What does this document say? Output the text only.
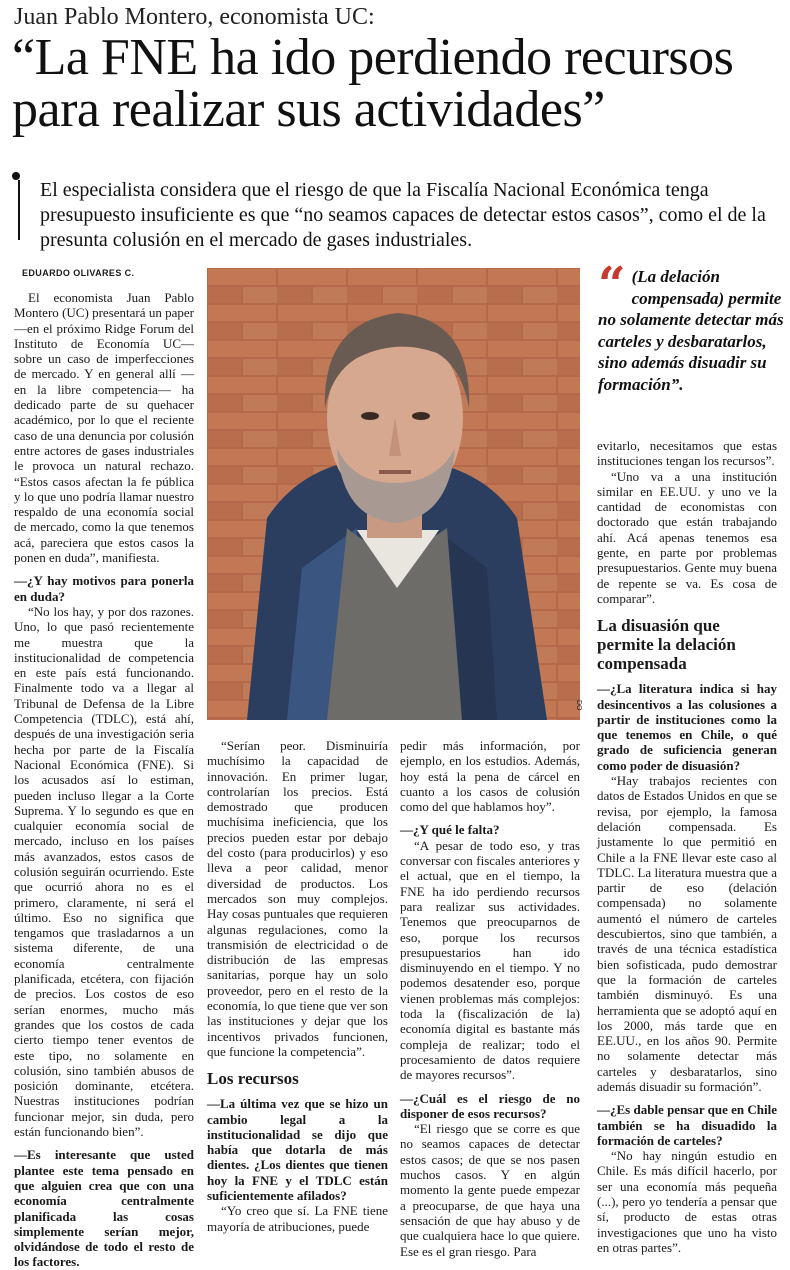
Juan Pablo Montero, economista UC:
“La FNE ha ido perdiendo recursos
para realizar sus actividades”
El especialista considera que el riesgo de que la Fiscalía Nacional Económica tenga presupuesto insuficiente es que “no seamos capaces de detectar estos casos”, como el de la presunta colusión en el mercado de gases industriales.
EDUARDO OLIVARES C.

El economista Juan Pablo Montero (UC) presentará un paper —en el próximo Ridge Forum del Instituto de Economía UC— sobre un caso de imperfecciones de mercado. Y en general allí —en la libre competencia— ha dedicado parte de su quehacer académico, por lo que el reciente caso de una denuncia por colusión entre actores de gases industriales le provoca un natural rechazo. “Estos casos afectan la fe pública y lo que uno podría llamar nuestro respaldo de una economía social de mercado, como la que tenemos acá, pareciera que estos casos la ponen en duda”, manifiesta.

—¿Y hay motivos para ponerla en duda?

“No los hay, y por dos razones. Uno, lo que pasó recientemente me muestra que la institucionalidad de competencia en este país está funcionando. Finalmente todo va a llegar al Tribunal de Defensa de la Libre Competencia (TDLC), está ahí, después de una investigación seria hecha por parte de la Fiscalía Nacional Económica (FNE). Si los acusados así lo estiman, pueden incluso llegar a la Corte Suprema. Y lo segundo es que en cualquier economía social de mercado, incluso en los países más avanzados, estos casos de colusión seguirán ocurriendo. Este que ocurrió ahora no es el primero, claramente, ni será el último. Eso no significa que tengamos que trasladarnos a un sistema diferente, de una economía centralmente planificada, etcétera, con fijación de precios. Los costos de eso serían enormes, mucho más grandes que los costos de cada cierto tiempo tener eventos de este tipo, no solamente en colusión, sino también abusos de posición dominante, etcétera. Nuestras instituciones podrían funcionar mejor, sin duda, pero están funcionando bien”.

—Es interesante que usted plantee este tema pensado en que alguien crea que con una economía centralmente planificada las cosas simplemente serían mejor, olvidándose de todo el resto de los factores.

DO
“ (La delación compensada) permite no solamente detectar más carteles y desbaratarlos, sino además disuadir su formación”.

“Serían peor. Disminuiría muchísimo la capacidad de innovación. En primer lugar, controlarían los precios. Está demostrado que producen muchísima ineficiencia, que los precios pueden estar por debajo del costo (para producirlos) y eso lleva a peor calidad, menor diversidad de productos. Los mercados son muy complejos. Hay cosas puntuales que requieren algunas regulaciones, como la transmisión de electricidad o de distribución de las empresas sanitarias, porque hay un solo proveedor, pero en el resto de la economía, lo que tiene que ver son las instituciones y dejar que los incentivos privados funcionen, que funcione la competencia”.

Los recursos

—La última vez que se hizo un cambio legal a la institucionalidad se dijo que había que dotarla de más dientes. ¿Los dientes que tienen hoy la FNE y el TDLC están suficientemente afilados?

“Yo creo que sí. La FNE tiene mayoría de atribuciones, puede

pedir más información, por ejemplo, en los estudios. Además, hoy está la pena de cárcel en cuanto a los casos de colusión como del que hablamos hoy”.

—¿Y qué le falta?

“A pesar de todo eso, y tras conversar con fiscales anteriores y el actual, que en el tiempo, la FNE ha ido perdiendo recursos para realizar sus actividades. Tenemos que preocuparnos de eso, porque los recursos presupuestarios han ido disminuyendo en el tiempo. Y no podemos desatender eso, porque vienen problemas más complejos: toda la (fiscalización de la) economía digital es bastante más compleja de realizar; todo el procesamiento de datos requiere de mayores recursos”.

—¿Cuál es el riesgo de no disponer de esos recursos?

“El riesgo que se corre es que no seamos capaces de detectar estos casos; de que se nos pasen muchos casos. Y en algún momento la gente puede empezar a preocuparse, de que haya una sensación de que hay abuso y de que cualquiera hace lo que quiere. Ese es el gran riesgo. Para

evitarlo, necesitamos que estas instituciones tengan los recursos”.

“Uno va a una institución similar en EE.UU. y uno ve la cantidad de economistas con doctorado que están trabajando ahí. Acá apenas tenemos esa gente, en parte por problemas presupuestarios. Gente muy buena de repente se va. Es cosa de comparar”.

La disuasión que permite la delación compensada

—¿La literatura indica si hay desincentivos a las colusiones a partir de instituciones como la que tenemos en Chile, o qué grado de suficiencia generan como poder de disuasión?

“Hay trabajos recientes con datos de Estados Unidos en que se revisa, por ejemplo, la famosa delación compensada. Es justamente lo que permitió en Chile a la FNE llevar este caso al TDLC. La literatura muestra que a partir de eso (delación compensada) no solamente aumentó el número de carteles descubiertos, sino que también, a través de una técnica estadística bien sofisticada, pudo demostrar que la formación de carteles también disminuyó. Es una herramienta que se adoptó aquí en los 2000, más tarde que en EE.UU., en los años 90. Permite no solamente detectar más carteles y desbaratarlos, sino además disuadir su formación”.

—¿Es dable pensar que en Chile también se ha disuadido la formación de carteles?

“No hay ningún estudio en Chile. Es más difícil hacerlo, por ser una economía más pequeña (...), pero yo tendería a pensar que sí, producto de estas otras investigaciones que uno ha visto en otras partes”.
